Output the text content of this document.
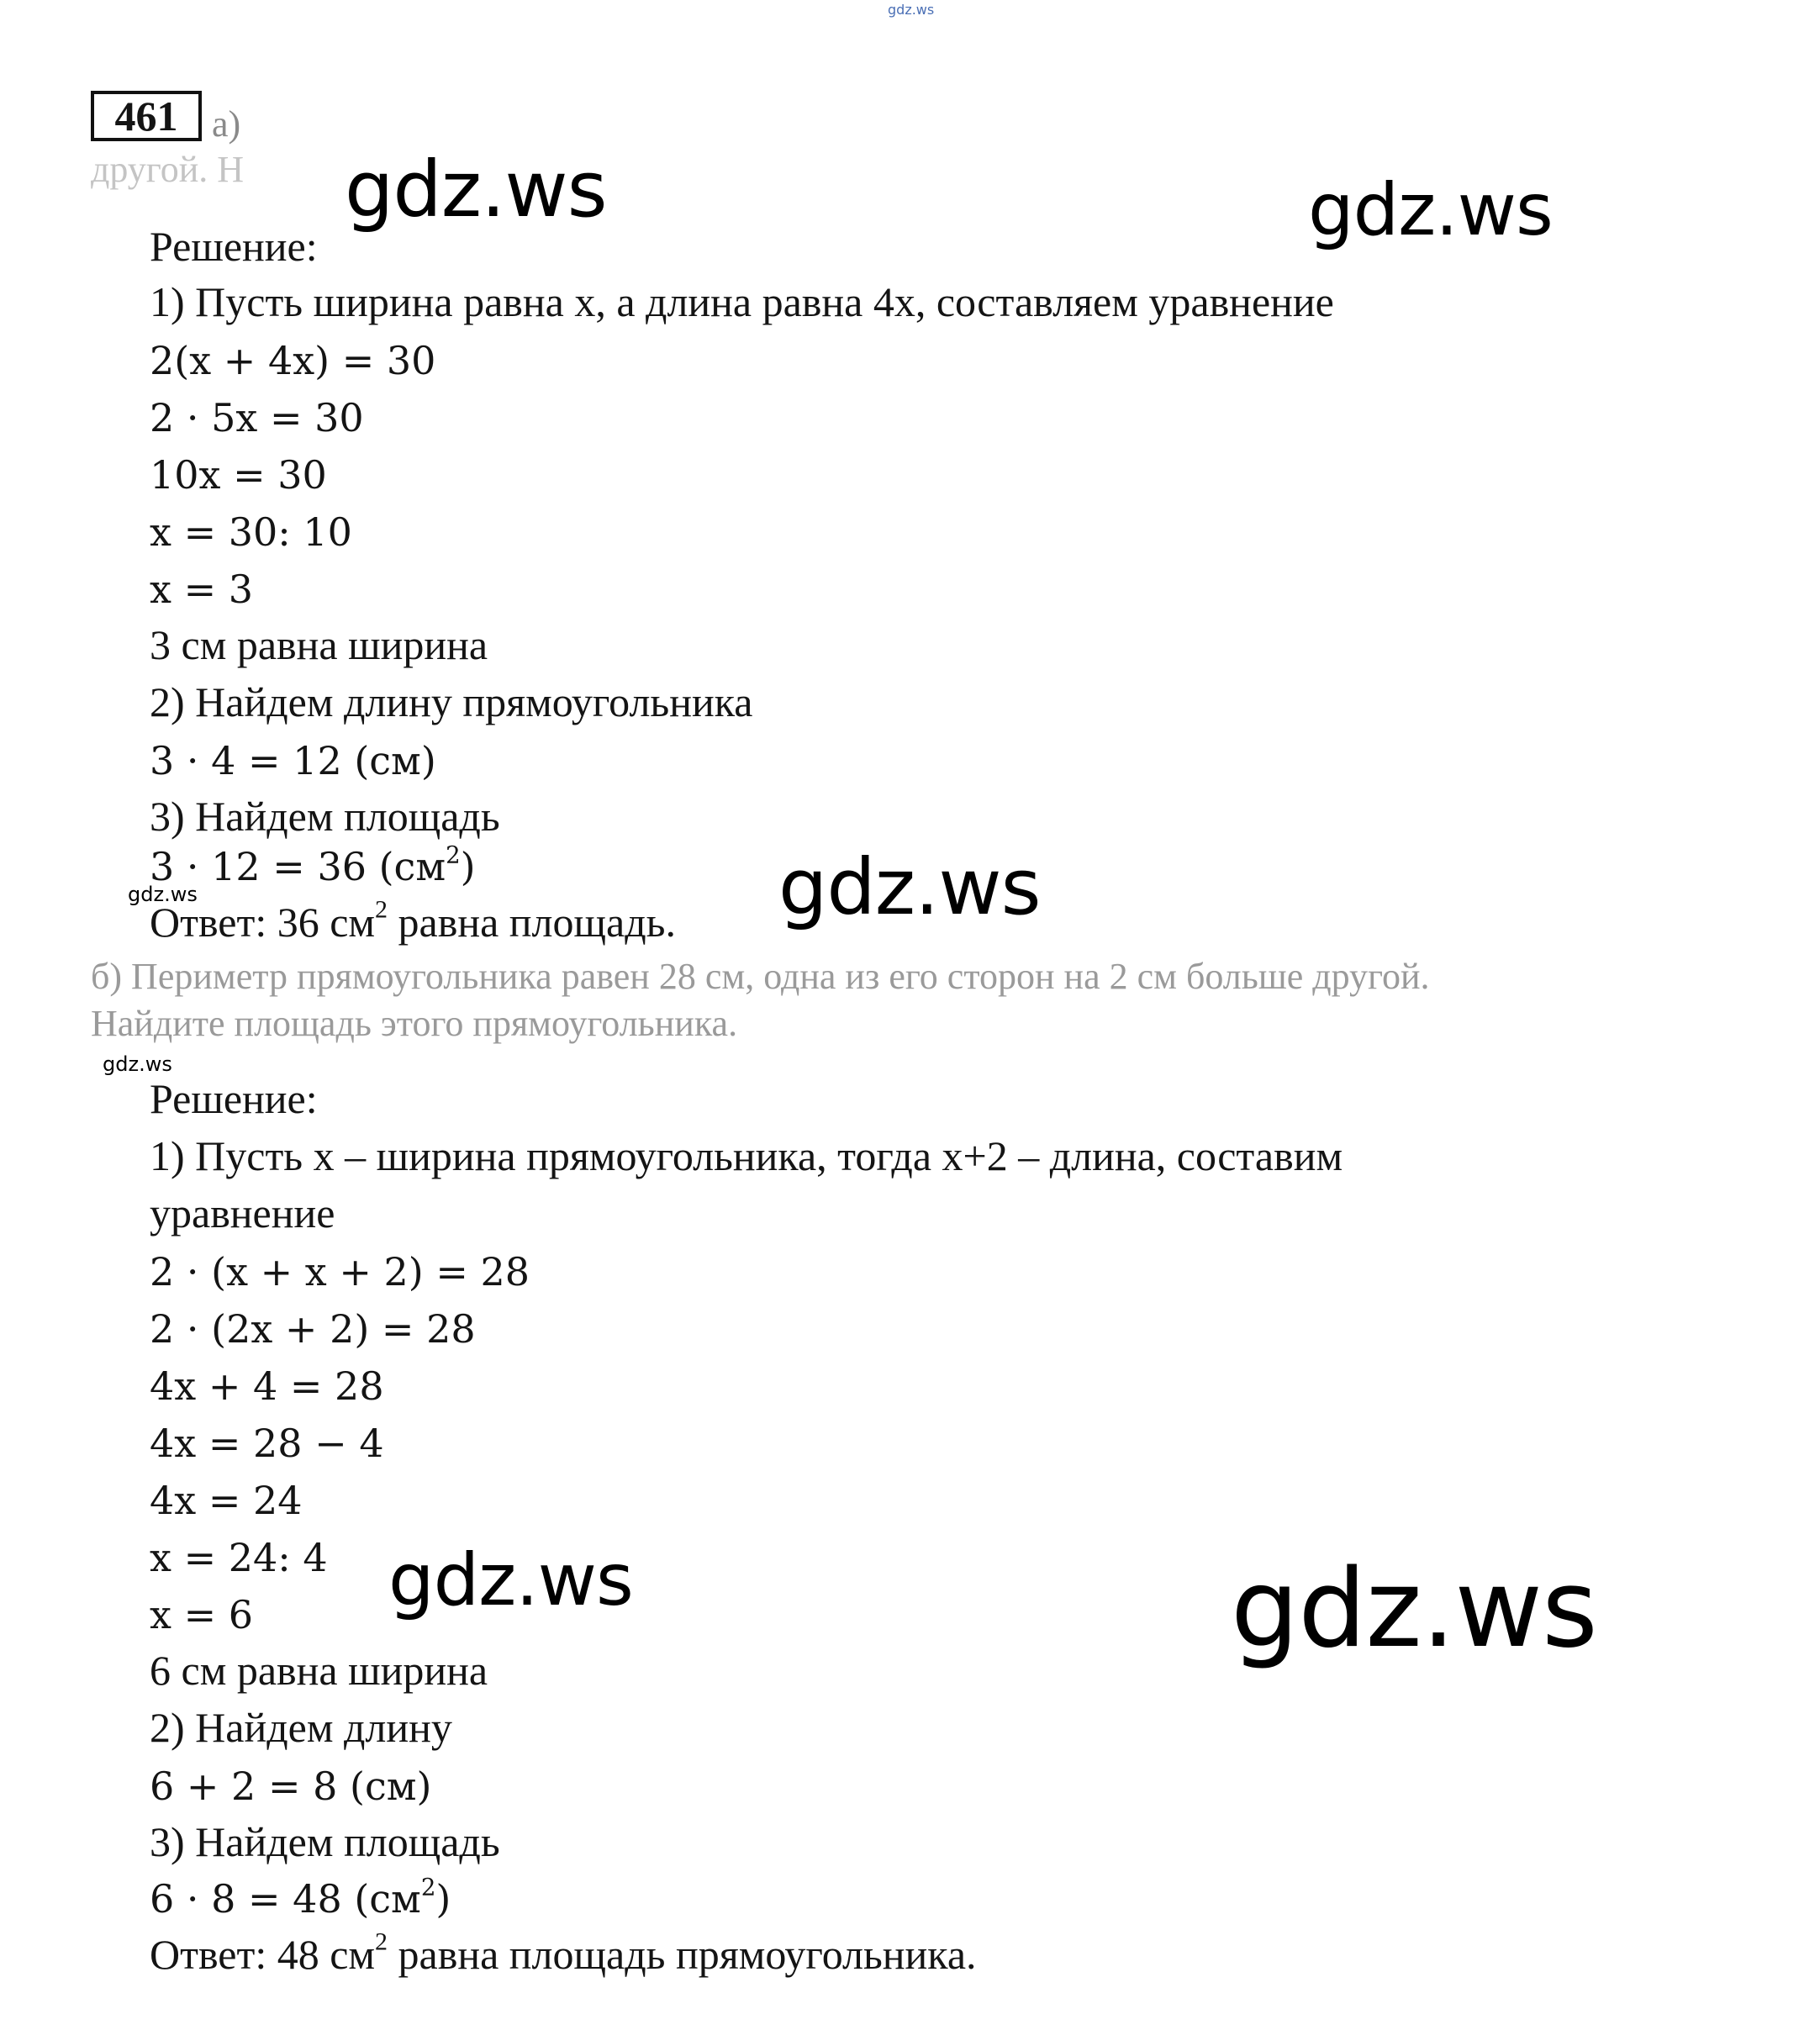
gdz.ws
461 а)
другой. Н
Решение:
1) Пусть ширина равна х, а длина равна 4х, составляем уравнение
2(x + 4x) = 30
2 · 5x = 30
10x = 30
x = 30: 10
x = 3
3 см равна ширина
2) Найдем длину прямоугольника
3 · 4 = 12 (см)
3) Найдем площадь
3 · 12 = 36 $(см^2)$
gdz.ws
Ответ: 36 $см^2$ равна площадь.
б) Периметр прямоугольника равен 28 см, одна из его сторон на 2 см больше другой.
Найдите площадь этого прямоугольника.
gdz.ws
Решение:
1) Пусть х – ширина прямоугольника, тогда х+2 – длина, составим
уравнение
2 · (x + x + 2) = 28
2 · (2x + 2) = 28
4x + 4 = 28
4x = 28 − 4
4x = 24
x = 24: 4
x = 6
6 см равна ширина
2) Найдем длину
6 + 2 = 8 (см)
3) Найдем площадь
6 · 8 = 48 $(см^2)$
Ответ: 48 $см^2$ равна площадь прямоугольника.
gdz.ws	gdz.ws
gdz.ws
gdz.ws	gdz.ws
